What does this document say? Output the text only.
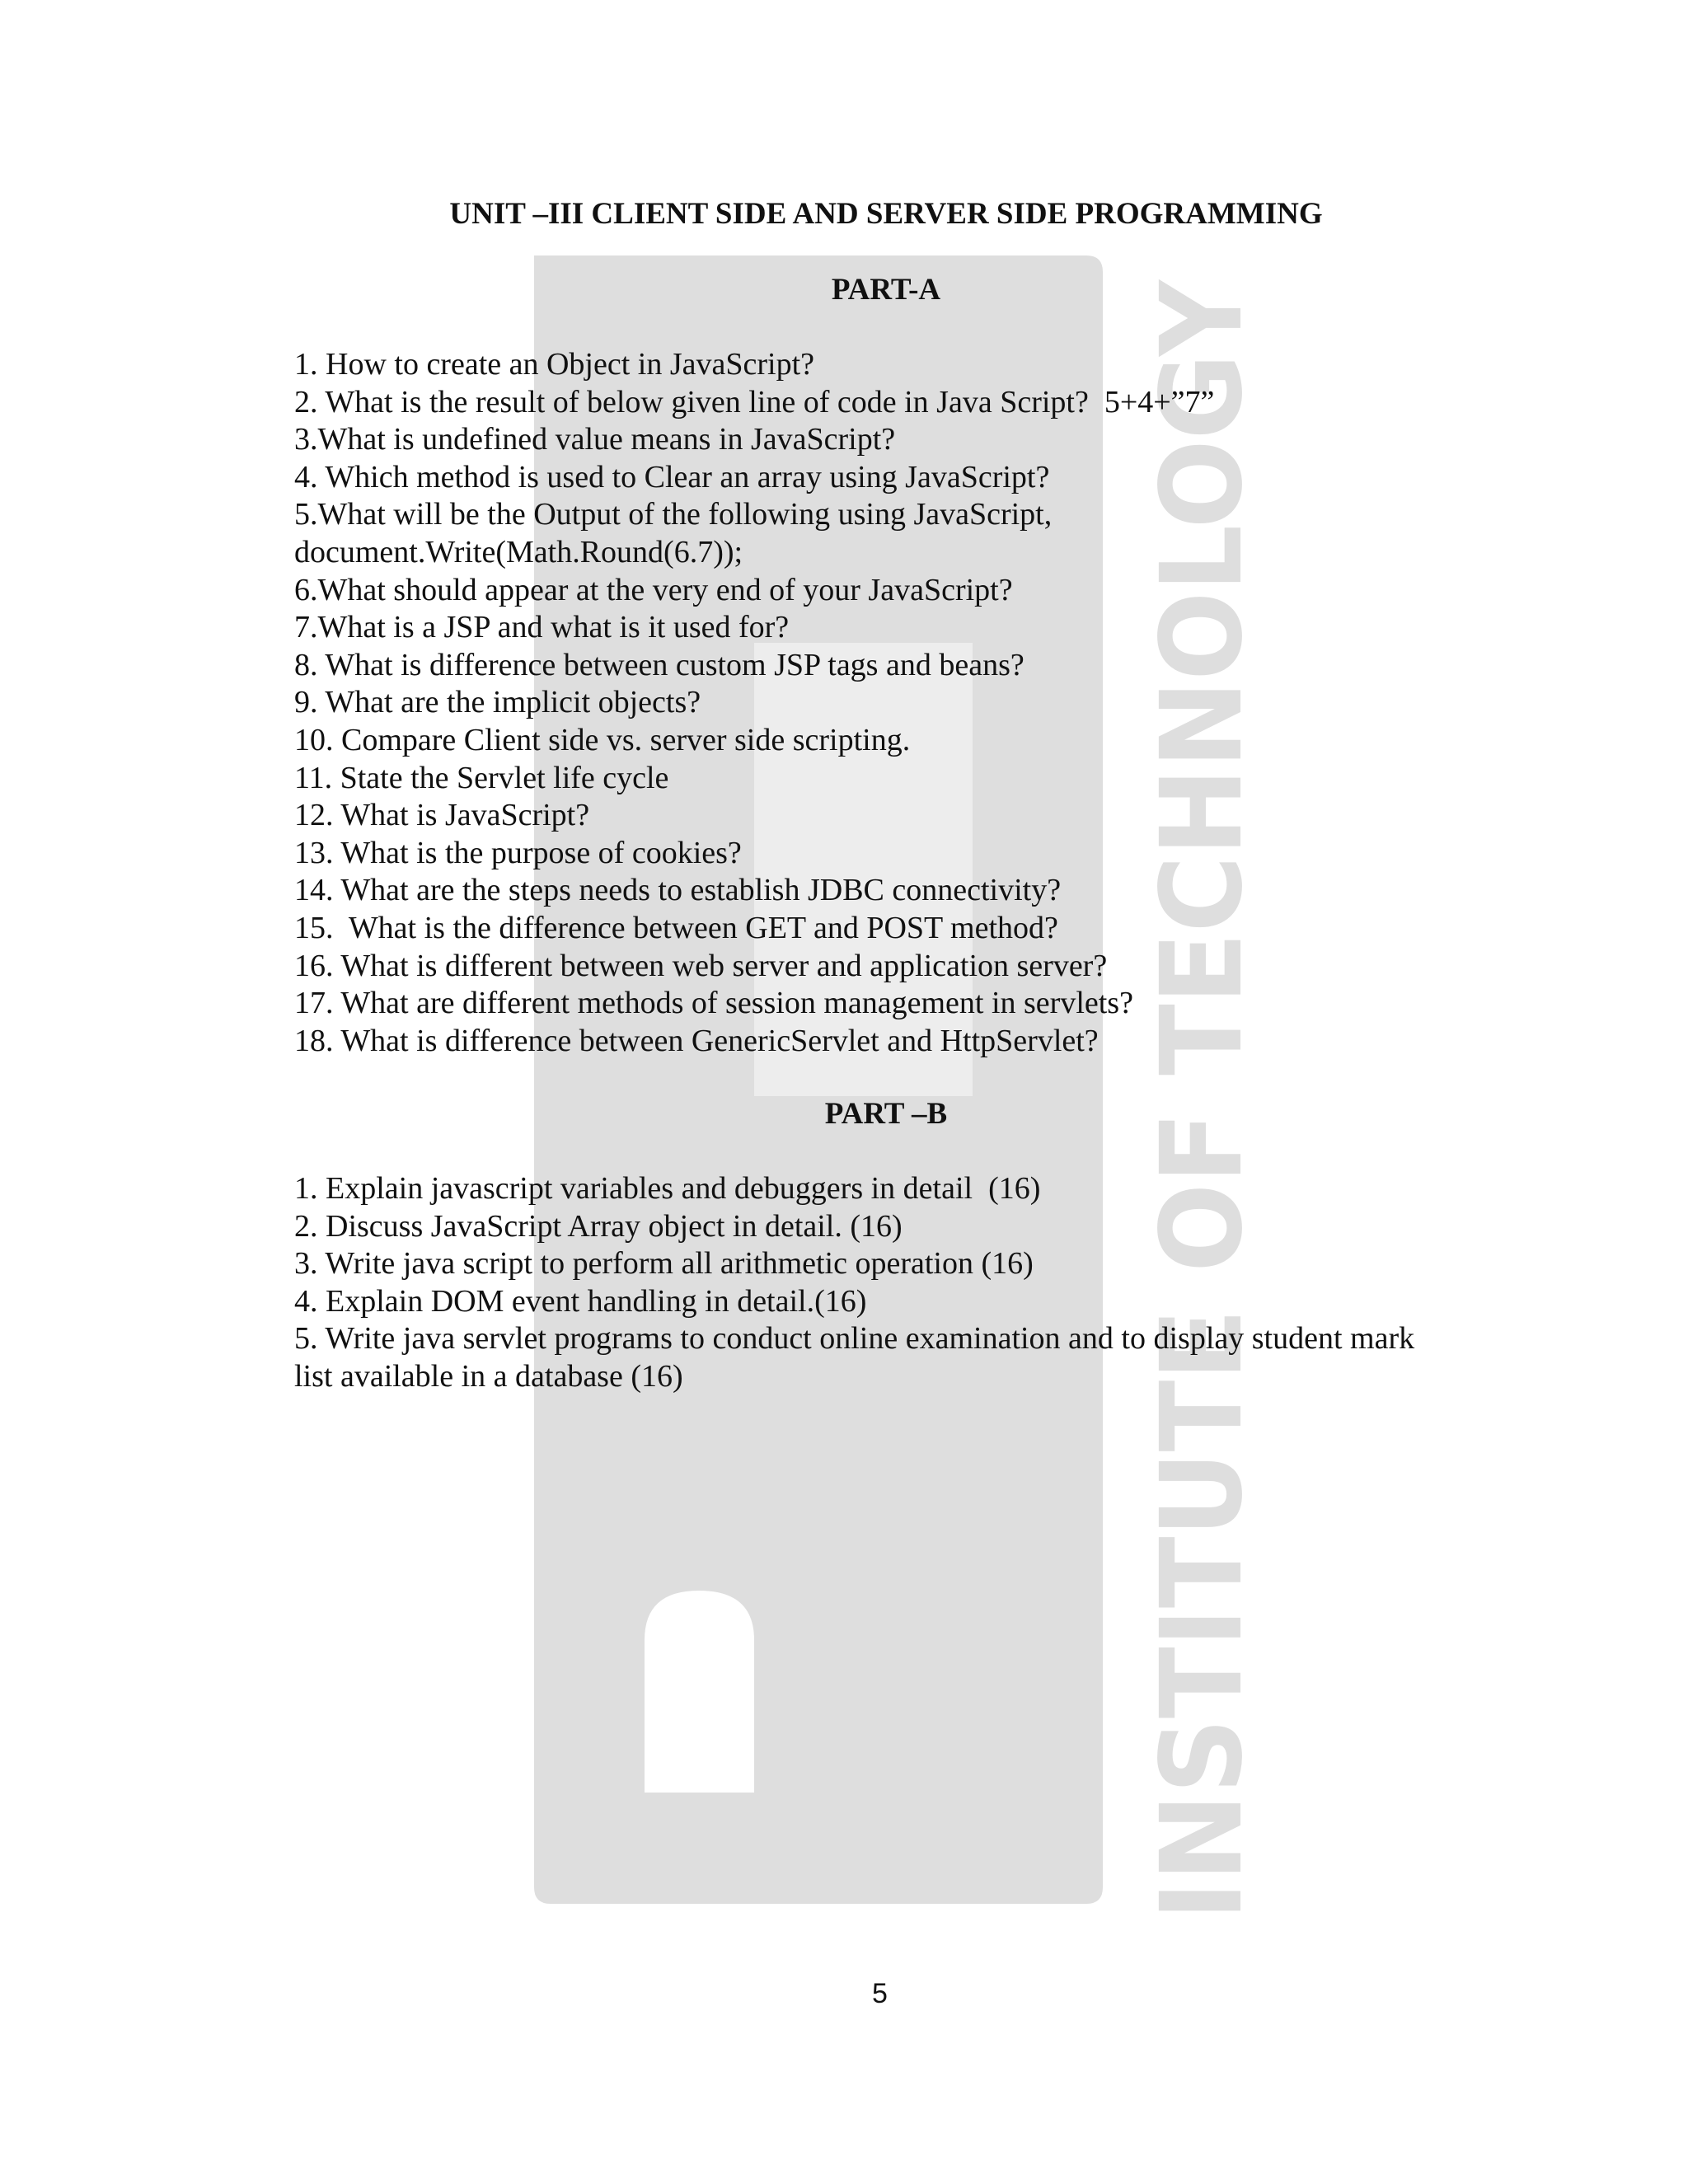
INSTITUTE OF TECHNOLOGY
UNIT –III CLIENT SIDE AND SERVER SIDE PROGRAMMING
PART-A
1. How to create an Object in JavaScript?
2. What is the result of below given line of code in Java Script?  5+4+”7”
3.What is undefined value means in JavaScript?
4. Which method is used to Clear an array using JavaScript?
5.What will be the Output of the following using JavaScript,
document.Write(Math.Round(6.7));
6.What should appear at the very end of your JavaScript?
7.What is a JSP and what is it used for?
8. What is difference between custom JSP tags and beans?
9. What are the implicit objects?
10. Compare Client side vs. server side scripting.
11. State the Servlet life cycle
12. What is JavaScript?
13. What is the purpose of cookies?
14. What are the steps needs to establish JDBC connectivity?
15.  What is the difference between GET and POST method?
16. What is different between web server and application server?
17. What are different methods of session management in servlets?
18. What is difference between GenericServlet and HttpServlet?
PART –B
1. Explain javascript variables and debuggers in detail  (16)
2. Discuss JavaScript Array object in detail. (16)
3. Write java script to perform all arithmetic operation (16)
4. Explain DOM event handling in detail.(16)
5. Write java servlet programs to conduct online examination and to display student mark
list available in a database (16)
5
